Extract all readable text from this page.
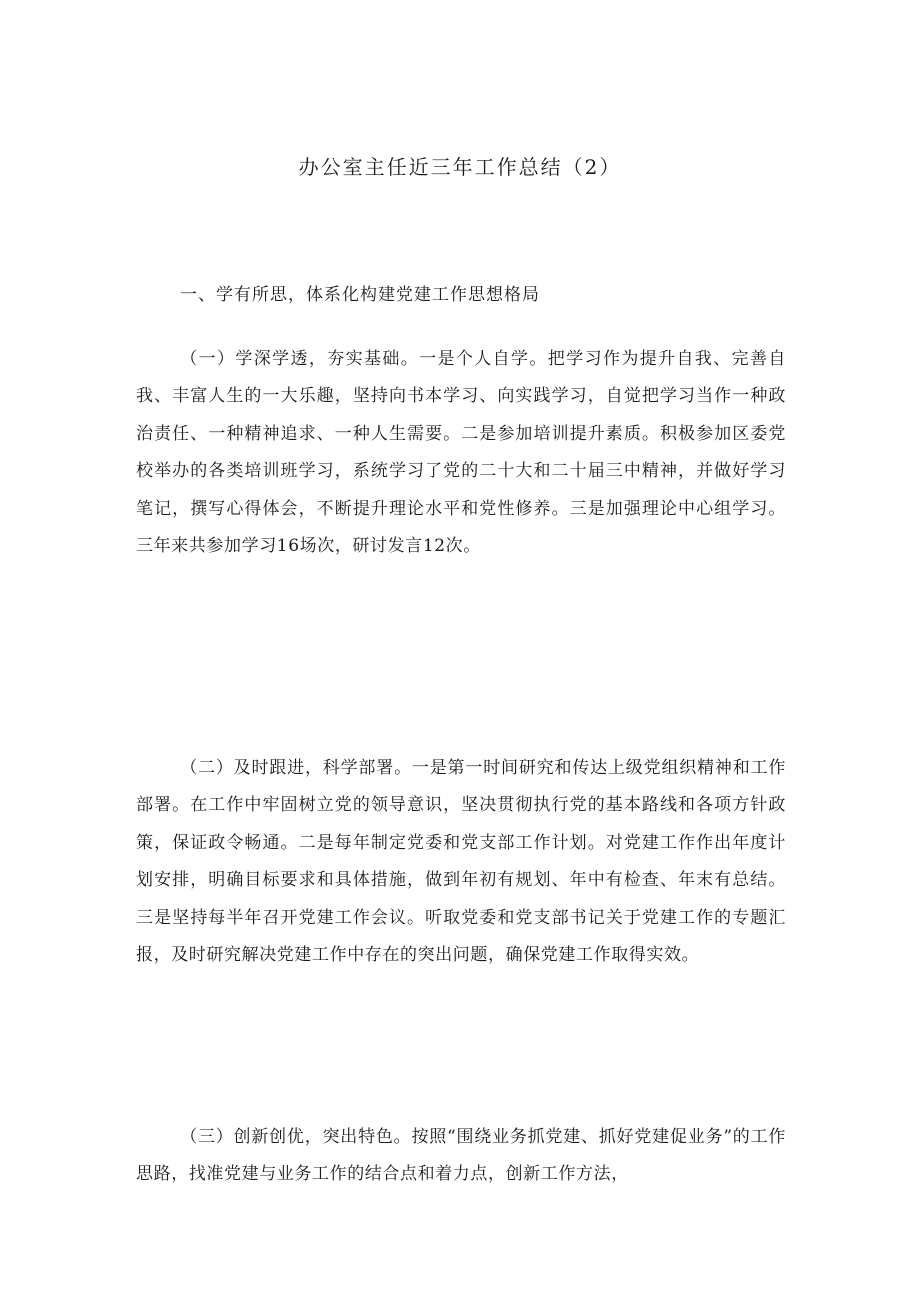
办公室主任近三年工作总结（2）
一、学有所思，体系化构建党建工作思想格局
（一）学深学透，夯实基础。一是个人自学。把学习作为提升自我、完善自我、丰富人生的一大乐趣，坚持向书本学习、向实践学习，自觉把学习当作一种政治责任、一种精神追求、一种人生需要。二是参加培训提升素质。积极参加区委党校举办的各类培训班学习，系统学习了党的二十大和二十届三中精神，并做好学习笔记，撰写心得体会，不断提升理论水平和党性修养。三是加强理论中心组学习。三年来共参加学习16场次，研讨发言12次。
（二）及时跟进，科学部署。一是第一时间研究和传达上级党组织精神和工作部署。在工作中牢固树立党的领导意识，坚决贯彻执行党的基本路线和各项方针政策，保证政令畅通。二是每年制定党委和党支部工作计划。对党建工作作出年度计划安排，明确目标要求和具体措施，做到年初有规划、年中有检查、年末有总结。三是坚持每半年召开党建工作会议。听取党委和党支部书记关于党建工作的专题汇报，及时研究解决党建工作中存在的突出问题，确保党建工作取得实效。
（三）创新创优，突出特色。按照“围绕业务抓党建、抓好党建促业务”的工作思路，找准党建与业务工作的结合点和着力点，创新工作方法，
